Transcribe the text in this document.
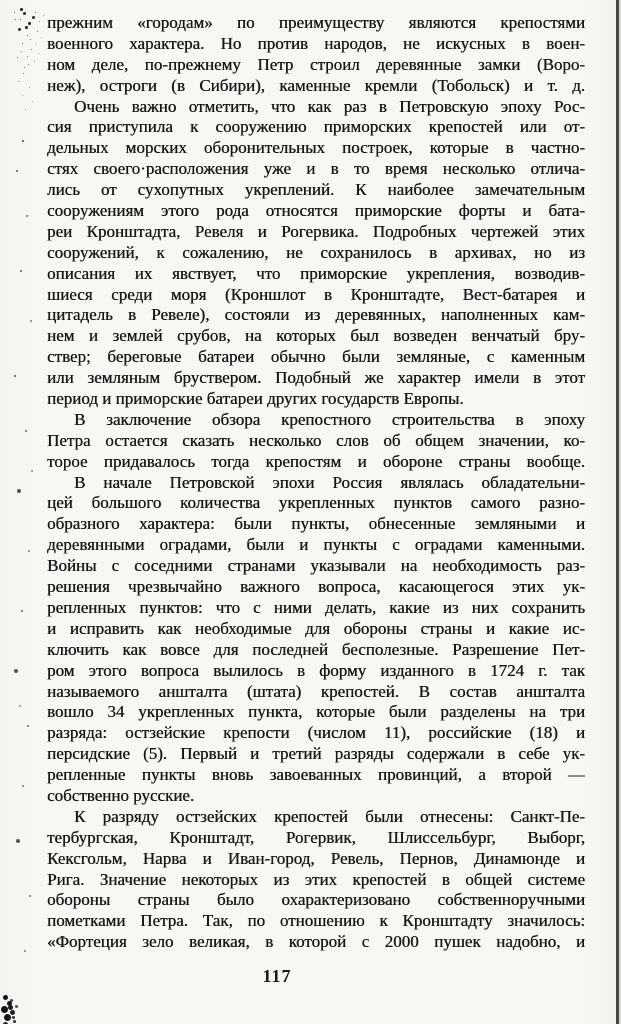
прежним «городам» по преимуществу являются крепостями
военного характера. Но против народов, не искусных в воен-
ном деле, по-прежнему Петр строил деревянные замки (Воро-
неж), остроги (в Сибири), каменные кремли (Тобольск) и т. д.
Очень важно отметить, что как раз в Петровскую эпоху Рос-
сия приступила к сооружению приморских крепостей или от-
дельных морских оборонительных построек, которые в частно-
стях своего·расположения уже и в то время несколько отлича-
лись от сухопутных укреплений. К наиболее замечательным
сооружениям этого рода относятся приморские форты и бата-
реи Кронштадта, Ревеля и Рогервика. Подробных чертежей этих
сооружений, к сожалению, не сохранилось в архивах, но из
описания их явствует, что приморские укрепления, возводив-
шиеся среди моря (Кроншлот в Кронштадте, Вест-батарея и
цитадель в Ревеле), состояли из деревянных, наполненных кам-
нем и землей срубов, на которых был возведен венчатый бру-
ствер; береговые батареи обычно были земляные, с каменным
или земляным бруствером. Подобный же характер имели в этот
период и приморские батареи других государств Европы.
В заключение обзора крепостного строительства в эпоху
Петра остается сказать несколько слов об общем значении, ко-
торое придавалось тогда крепостям и обороне страны вообще.
В начале Петровской эпохи Россия являлась обладательни-
цей большого количества укрепленных пунктов самого разно-
образного характера: были пункты, обнесенные земляными и
деревянными оградами, были и пункты с оградами каменными.
Войны с соседними странами указывали на необходимость раз-
решения чрезвычайно важного вопроса, касающегося этих ук-
репленных пунктов: что с ними делать, какие из них сохранить
и исправить как необходимые для обороны страны и какие ис-
ключить как вовсе для последней бесполезные. Разрешение Пет-
ром этого вопроса вылилось в форму изданного в 1724 г. так
называемого аншталта (штата) крепостей. В состав аншталта
вошло 34 укрепленных пункта, которые были разделены на три
разряда: остзейские крепости (числом 11), российские (18) и
персидские (5). Первый и третий разряды содержали в себе ук-
репленные пункты вновь завоеванных провинций, а второй —
собственно русские.
К разряду остзейских крепостей были отнесены: Санкт-Пе-
тербургская, Кронштадт, Рогервик, Шлиссельбург, Выборг,
Кексгольм, Нарва и Иван-город, Ревель, Пернов, Динамюнде и
Рига. Значение некоторых из этих крепостей в общей системе
обороны страны было охарактеризовано собственноручными
пометками Петра. Так, по отношению к Кронштадту значилось:
«Фортеция зело великая, в которой с 2000 пушек надобно, и
117
